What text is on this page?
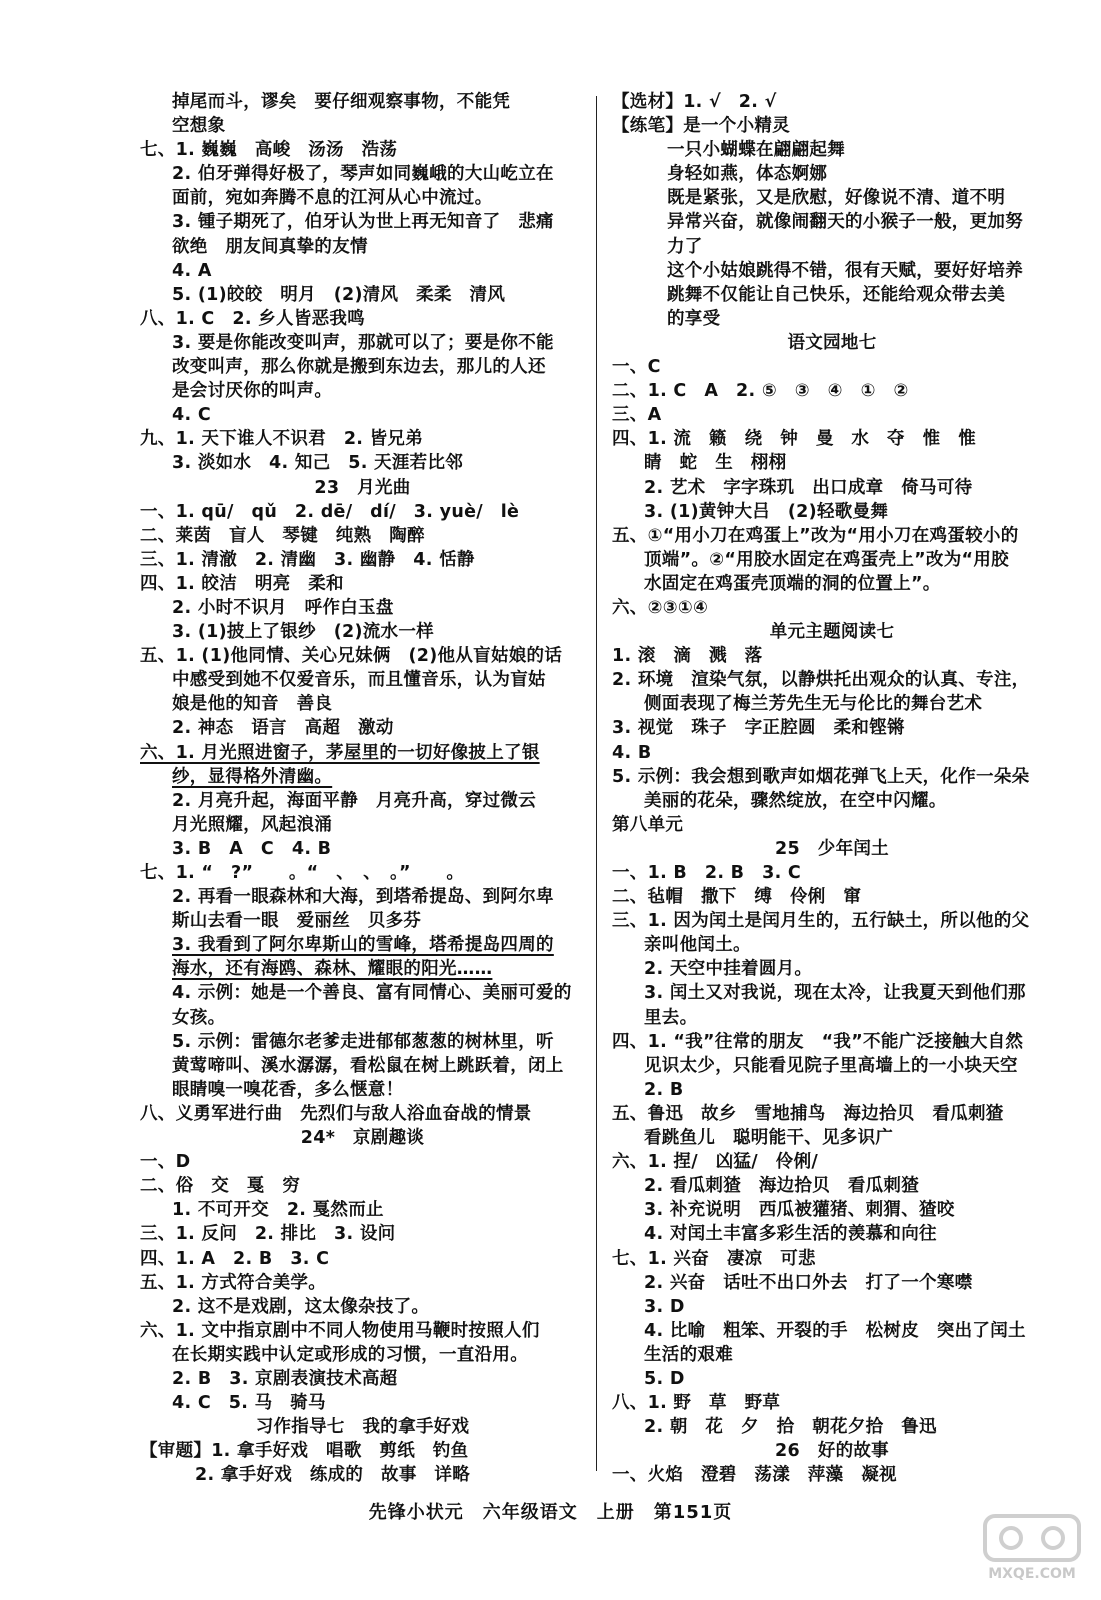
掉尾而斗，谬矣　要仔细观察事物，不能凭
空想象
七、1. 巍巍　高峻　汤汤　浩荡
2. 伯牙弹得好极了，琴声如同巍峨的大山屹立在
面前，宛如奔腾不息的江河从心中流过。
3. 锺子期死了，伯牙认为世上再无知音了　悲痛
欲绝　朋友间真挚的友情
4. A
5. (1)皎皎　明月　(2)清风　柔柔　清风
八、1. C　2. 乡人皆恶我鸣
3. 要是你能改变叫声，那就可以了；要是你不能
改变叫声，那么你就是搬到东边去，那儿的人还
是会讨厌你的叫声。
4. C
九、1. 天下谁人不识君　2. 皆兄弟
3. 淡如水　4. 知己　5. 天涯若比邻
23　月光曲
一、1. qū/　qǔ　2. dē/　dí/　3. yuè/　lè
二、莱茵　盲人　琴键　纯熟　陶醉
三、1. 清澈　2. 清幽　3. 幽静　4. 恬静
四、1. 皎洁　明亮　柔和
2. 小时不识月　呼作白玉盘
3. (1)披上了银纱　(2)流水一样
五、1. (1)他同情、关心兄妹俩　(2)他从盲姑娘的话
中感受到她不仅爱音乐，而且懂音乐，认为盲姑
娘是他的知音　善良
2. 神态　语言　高超　激动
六、1. 月光照进窗子，茅屋里的一切好像披上了银
纱，显得格外清幽。
2. 月亮升起，海面平静　月亮升高，穿过微云
月光照耀，风起浪涌
3. B　A　C　4. B
七、1. “　?”　　。“　、　、　。”　　。
2. 再看一眼森林和大海，到塔希提岛、到阿尔卑
斯山去看一眼　爱丽丝　贝多芬
3. 我看到了阿尔卑斯山的雪峰，塔希提岛四周的
海水，还有海鸥、森林、耀眼的阳光……
4. 示例：她是一个善良、富有同情心、美丽可爱的
女孩。
5. 示例：雷德尔老爹走进郁郁葱葱的树林里，听
黄莺啼叫、溪水潺潺，看松鼠在树上跳跃着，闭上
眼睛嗅一嗅花香，多么惬意！
八、义勇军进行曲　先烈们与敌人浴血奋战的情景
24*　京剧趣谈
一、D
二、俗　交　戛　穷
1. 不可开交　2. 戛然而止
三、1. 反问　2. 排比　3. 设问
四、1. A　2. B　3. C
五、1. 方式符合美学。
2. 这不是戏剧，这太像杂技了。
六、1. 文中指京剧中不同人物使用马鞭时按照人们
在长期实践中认定或形成的习惯，一直沿用。
2. B　3. 京剧表演技术高超
4. C　5. 马　骑马
习作指导七　我的拿手好戏
【审题】1. 拿手好戏　唱歌　剪纸　钓鱼
2. 拿手好戏　练成的　故事　详略
【选材】1. √　2. √
【练笔】是一个小精灵
一只小蝴蝶在翩翩起舞
身轻如燕，体态婀娜
既是紧张，又是欣慰，好像说不清、道不明
异常兴奋，就像闹翻天的小猴子一般，更加努
力了
这个小姑娘跳得不错，很有天赋，要好好培养
跳舞不仅能让自己快乐，还能给观众带去美
的享受
语文园地七
一、C
二、1. C　A　2. ⑤　③　④　①　②
三、A
四、1. 流　籁　绕　钟　曼　水　夺　惟　惟
睛　蛇　生　栩栩
2. 艺术　字字珠玑　出口成章　倚马可待
3. (1)黄钟大吕　(2)轻歌曼舞
五、①“用小刀在鸡蛋上”改为“用小刀在鸡蛋较小的
顶端”。②“用胶水固定在鸡蛋壳上”改为“用胶
水固定在鸡蛋壳顶端的洞的位置上”。
六、②③①④
单元主题阅读七
1. 滚　滴　溅　落
2. 环境　渲染气氛，以静烘托出观众的认真、专注，
侧面表现了梅兰芳先生无与伦比的舞台艺术
3. 视觉　珠子　字正腔圆　柔和铿锵
4. B
5. 示例：我会想到歌声如烟花弹飞上天，化作一朵朵
美丽的花朵，骤然绽放，在空中闪耀。
第八单元
25　少年闰土
一、1. B　2. B　3. C
二、毡帽　撒下　缚　伶俐　窜
三、1. 因为闰土是闰月生的，五行缺土，所以他的父
亲叫他闰土。
2. 天空中挂着圆月。
3. 闰土又对我说，现在太冷，让我夏天到他们那
里去。
四、1. “我”往常的朋友　“我”不能广泛接触大自然
见识太少，只能看见院子里高墙上的一小块天空
2. B
五、鲁迅　故乡　雪地捕鸟　海边拾贝　看瓜刺猹
看跳鱼儿　聪明能干、见多识广
六、1. 捏/　凶猛/　伶俐/
2. 看瓜刺猹　海边拾贝　看瓜刺猹
3. 补充说明　西瓜被獾猪、刺猬、猹咬
4. 对闰土丰富多彩生活的羡慕和向往
七、1. 兴奋　凄凉　可悲
2. 兴奋　话吐不出口外去　打了一个寒噤
3. D
4. 比喻　粗笨、开裂的手　松树皮　突出了闰土
生活的艰难
5. D
八、1. 野　草　野草
2. 朝　花　夕　拾　朝花夕拾　鲁迅
26　好的故事
一、火焰　澄碧　荡漾　萍藻　凝视
先锋小状元　六年级语文　上册　第151页
MXQE.COM
